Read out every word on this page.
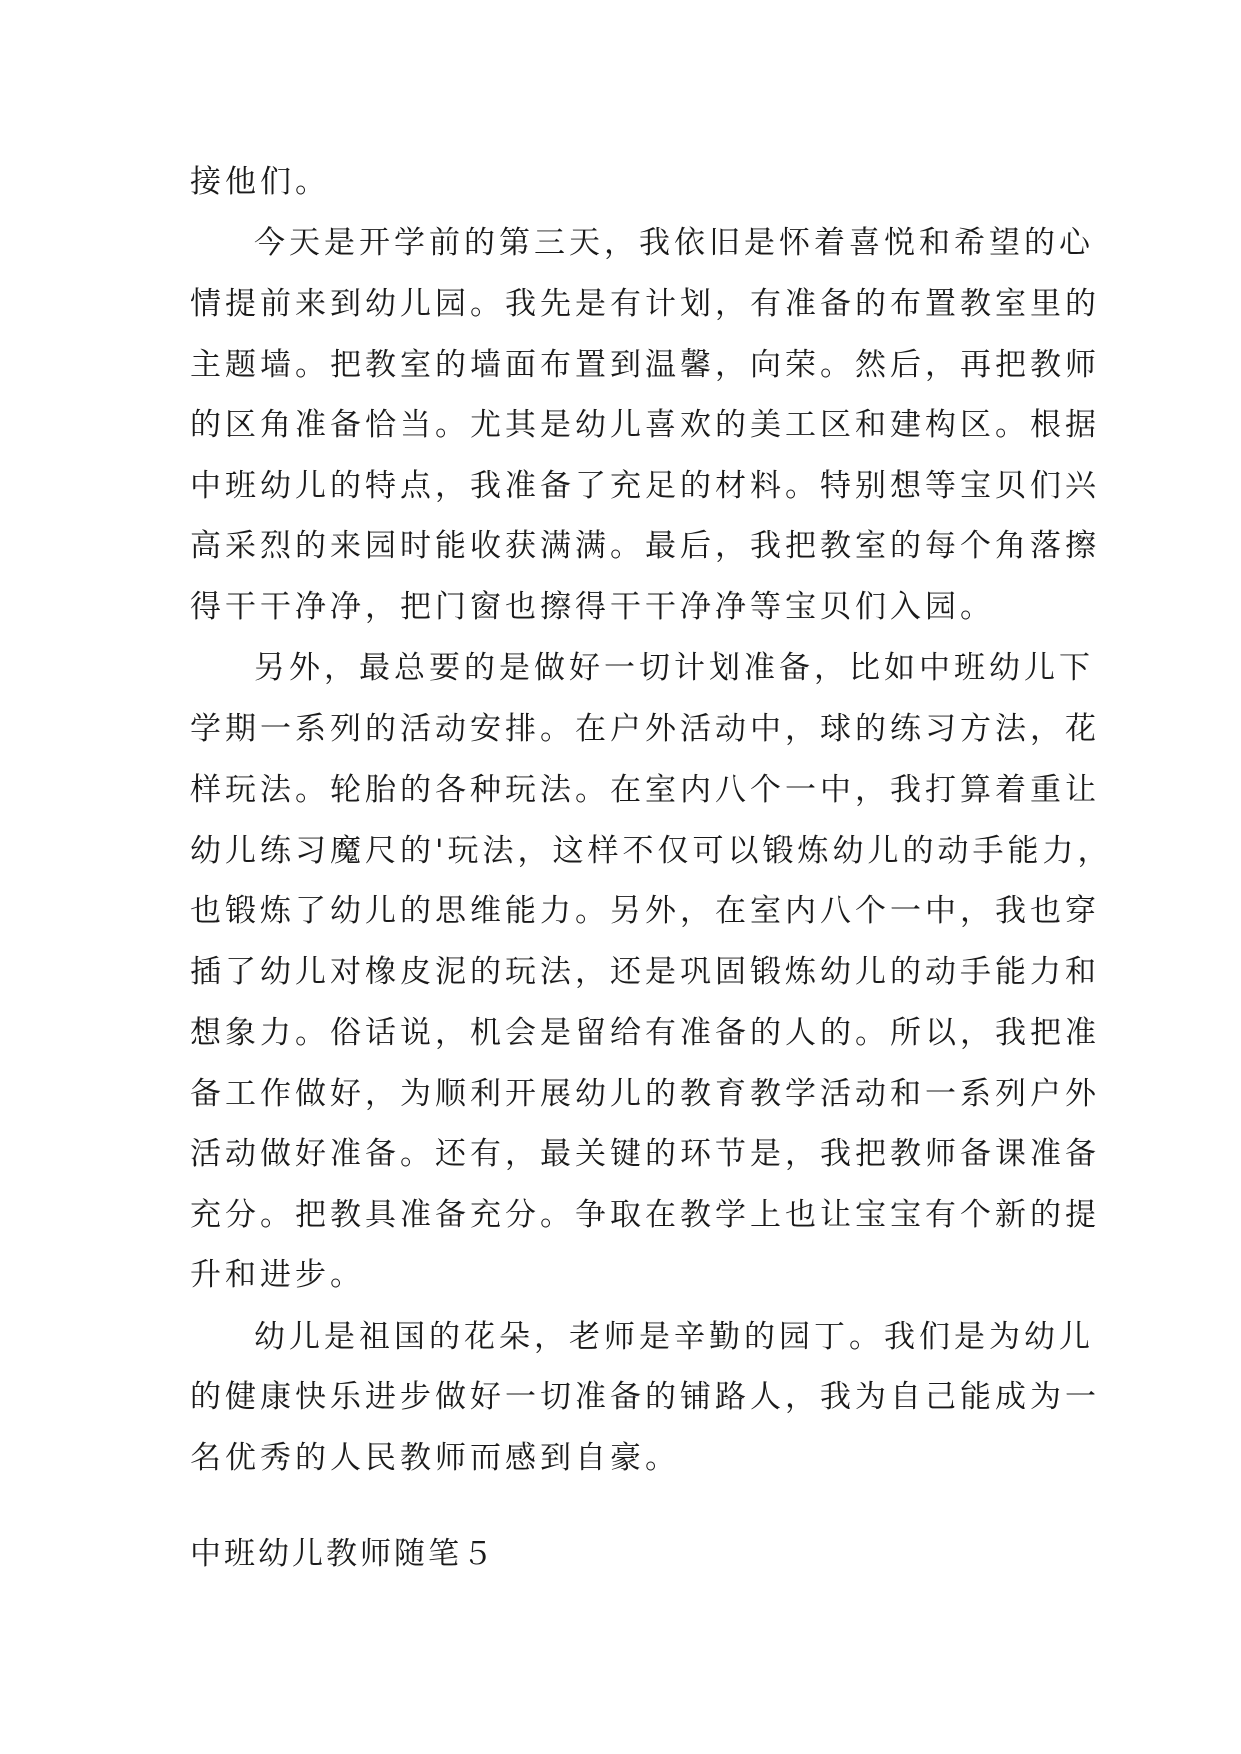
接他们。
今天是开学前的第三天，我依旧是怀着喜悦和希望的心
情提前来到幼儿园。我先是有计划，有准备的布置教室里的
主题墙。把教室的墙面布置到温馨，向荣。然后，再把教师
的区角准备恰当。尤其是幼儿喜欢的美工区和建构区。根据
中班幼儿的特点，我准备了充足的材料。特别想等宝贝们兴
高采烈的来园时能收获满满。最后，我把教室的每个角落擦
得干干净净，把门窗也擦得干干净净等宝贝们入园。
另外，最总要的是做好一切计划准备，比如中班幼儿下
学期一系列的活动安排。在户外活动中，球的练习方法，花
样玩法。轮胎的各种玩法。在室内八个一中，我打算着重让
幼儿练习魔尺的'玩法，这样不仅可以锻炼幼儿的动手能力，
也锻炼了幼儿的思维能力。另外，在室内八个一中，我也穿
插了幼儿对橡皮泥的玩法，还是巩固锻炼幼儿的动手能力和
想象力。俗话说，机会是留给有准备的人的。所以，我把准
备工作做好，为顺利开展幼儿的教育教学活动和一系列户外
活动做好准备。还有，最关键的环节是，我把教师备课准备
充分。把教具准备充分。争取在教学上也让宝宝有个新的提
升和进步。
幼儿是祖国的花朵，老师是辛勤的园丁。我们是为幼儿
的健康快乐进步做好一切准备的铺路人，我为自己能成为一
名优秀的人民教师而感到自豪。
中班幼儿教师随笔５
